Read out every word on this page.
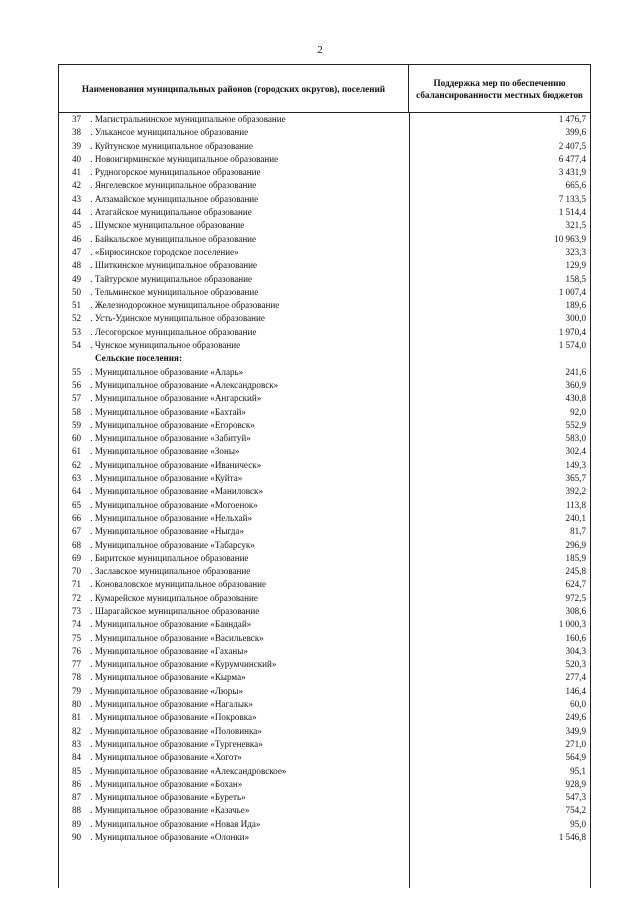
2
Наименования муниципальных районов (городских округов), поселений
Поддержка мер по обеспечению сбалансированности местных бюджетов
37 . Магистральнинское муниципальное образование	1 476,7
38 . Улькансое муниципальное образование	399,6
39 . Куйтунское муниципальное образование	2 407,5
40 . Новоигирминское муниципальное образование	6 477,4
41 . Рудногорское муниципальное образование	3 431,9
42 . Янгелевское муниципальное образование	665,6
43 . Алзамайское муниципальное образование	7 133,5
44 . Атагайское муниципальное образование	1 514,4
45 . Шумское муниципальное образование	321,5
46 . Байкальское муниципальное образование	10 963,9
47 . «Бирюсинское городское поселение»	323,3
48 . Шиткинское муниципальное образование	129,9
49 . Тайтурское муниципальное образование	158,5
50 . Тельминское муниципальное образование	1 007,4
51 . Железнодорожное муниципальное образование	189,6
52 . Усть-Удинское муниципальное образование	300,0
53 . Лесогорское муниципальное образование	1 970,4
54 . Чунское муниципальное образование	1 574,0
Сельские поселения:
55 . Муниципальное образование «Аларь»	241,6
56 . Муниципальное образование «Александровск»	360,9
57 . Муниципальное образование «Ангарский»	430,8
58 . Муниципальное образование «Бахтай»	92,0
59 . Муниципальное образование «Егоровск»	552,9
60 . Муниципальное образование «Забитуй»	583,0
61 . Муниципальное образование «Зоны»	302,4
62 . Муниципальное образование «Иваническ»	149,3
63 . Муниципальное образование «Куйта»	365,7
64 . Муниципальное образование «Маниловск»	392,2
65 . Муниципальное образование «Могоенок»	113,8
66 . Муниципальное образование «Нельхай»	240,1
67 . Муниципальное образование «Ныгда»	81,7
68 . Муниципальное образование «Табарсук»	296,9
69 . Биритское муниципальное образование	185,9
70 . Заславское муниципальное образование	245,8
71 . Коноваловское муниципальное образование	624,7
72 . Кумарейское муниципальное образование	972,5
73 . Шарагайское муниципальное образование	308,6
74 . Муниципальное образование «Баяндай»	1 000,3
75 . Муниципальное образование «Васильевск»	160,6
76 . Муниципальное образование «Гаханы»	304,3
77 . Муниципальное образование «Курумчинский»	520,3
78 . Муниципальное образование «Кырма»	277,4
79 . Муниципальное образование «Люры»	146,4
80 . Муниципальное образование «Нагалык»	60,0
81 . Муниципальное образование «Покровка»	249,6
82 . Муниципальное образование «Половинка»	349,9
83 . Муниципальное образование «Тургеневка»	271,0
84 . Муниципальное образование «Хогот»	564,9
85 . Муниципальное образование «Александровское»	95,1
86 . Муниципальное образование «Бохан»	928,9
87 . Муниципальное образование «Буреть»	547,3
88 . Муниципальное образование «Казачье»	754,2
89 . Муниципальное образование «Новая Ида»	95,0
90 . Муниципальное образование «Олонки»	1 546,8
